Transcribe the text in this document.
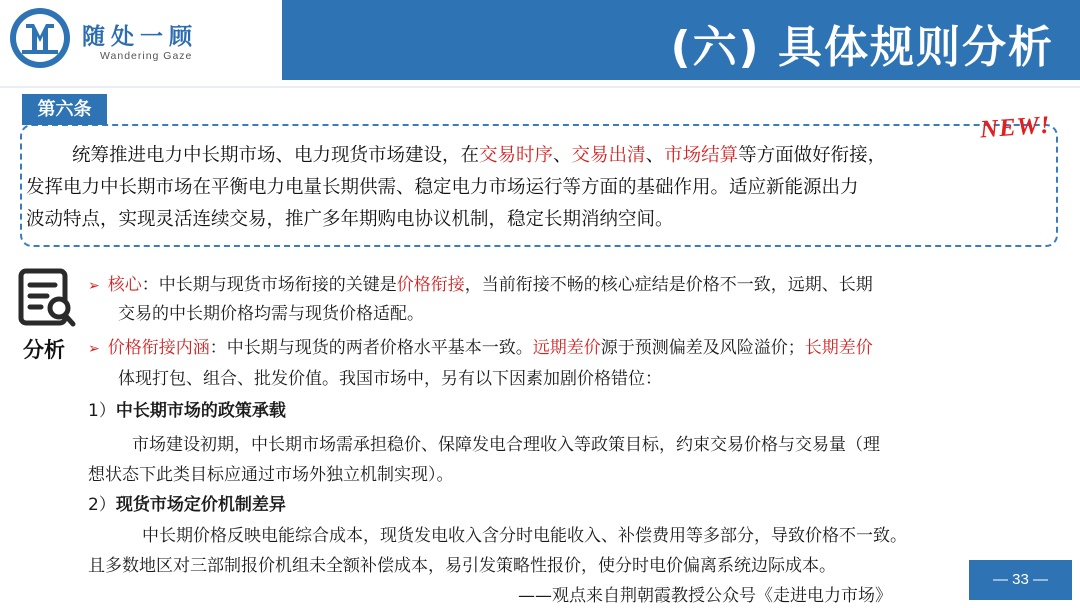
随处一顾
Wandering Gaze	(六) 具体规则分析
第六条
NEW!
统筹推进电力中长期市场、电力现货市场建设，在交易时序、交易出清、市场结算等方面做好衔接，
发挥电力中长期市场在平衡电力电量长期供需、稳定电力市场运行等方面的基础作用。适应新能源出力
波动特点，实现灵活连续交易，推广多年期购电协议机制，稳定长期消纳空间。
分析
➢ 核心：中长期与现货市场衔接的关键是价格衔接，当前衔接不畅的核心症结是价格不一致，远期、长期
交易的中长期价格均需与现货价格适配。
➢ 价格衔接内涵：中长期与现货的两者价格水平基本一致。远期差价源于预测偏差及风险溢价；长期差价
体现打包、组合、批发价值。我国市场中，另有以下因素加剧价格错位：
1）中长期市场的政策承载
市场建设初期，中长期市场需承担稳价、保障发电合理收入等政策目标，约束交易价格与交易量（理
想状态下此类目标应通过市场外独立机制实现）。
2）现货市场定价机制差异
中长期价格反映电能综合成本，现货发电收入含分时电能收入、补偿费用等多部分，导致价格不一致。
且多数地区对三部制报价机组未全额补偿成本，易引发策略性报价，使分时电价偏离系统边际成本。
——观点来自荆朝霞教授公众号《走进电力市场》
— 33 —
